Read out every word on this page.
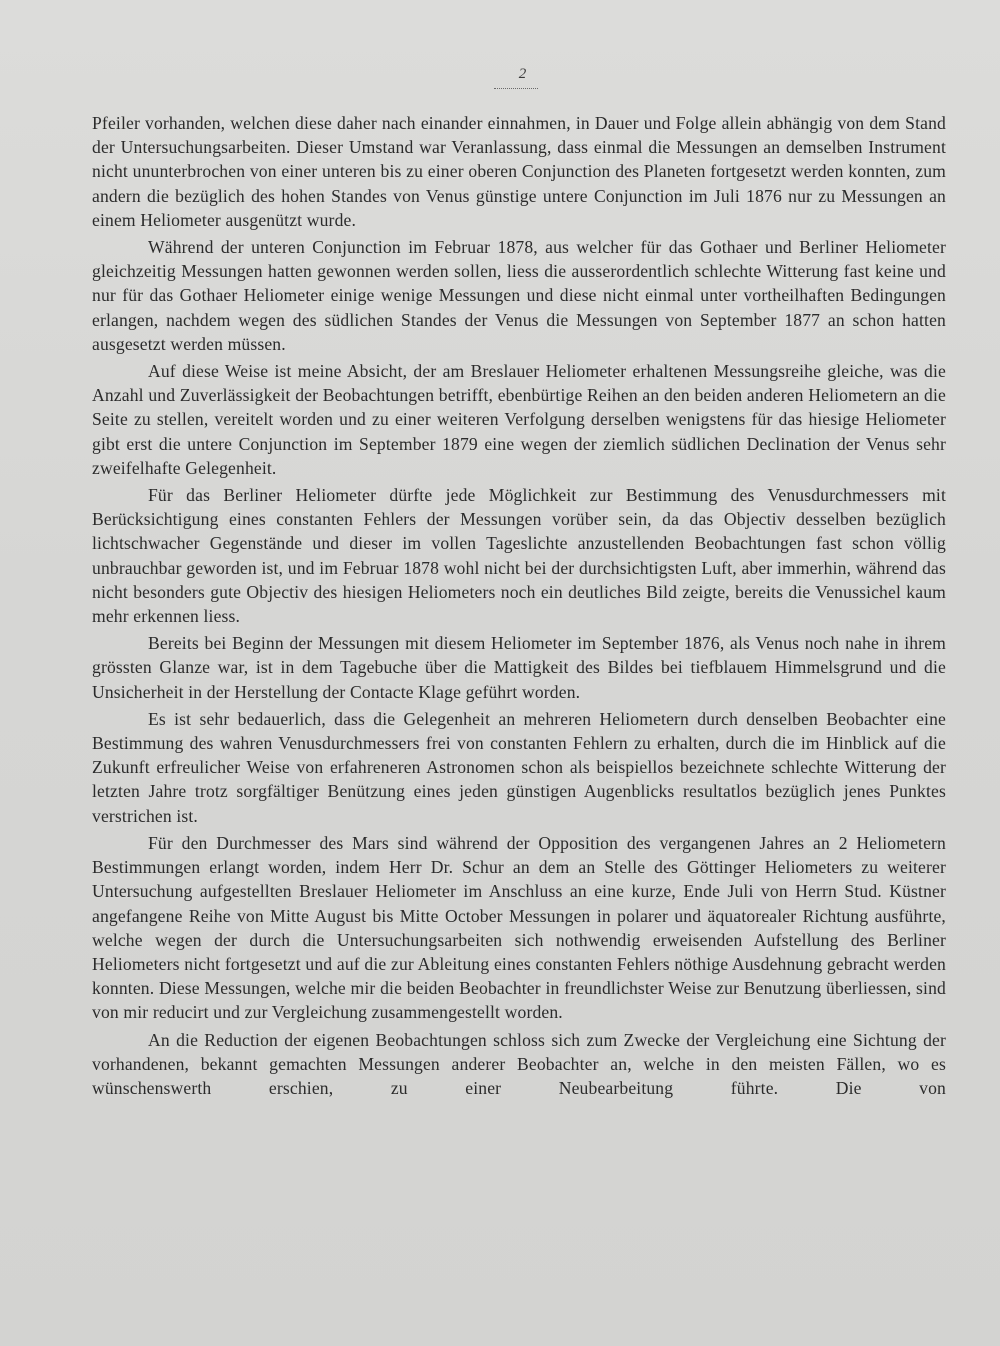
2

Pfeiler vorhanden, welchen diese daher nach einander einnahmen, in Dauer und Folge allein abhängig von dem Stand der Untersuchungsarbeiten. Dieser Umstand war Veranlassung, dass einmal die Messungen an demselben Instrument nicht ununterbrochen von einer unteren bis zu einer oberen Conjunction des Planeten fortgesetzt werden konnten, zum andern die bezüglich des hohen Standes von Venus günstige untere Conjunction im Juli 1876 nur zu Messungen an einem Heliometer ausgenützt wurde.

Während der unteren Conjunction im Februar 1878, aus welcher für das Gothaer und Berliner Heliometer gleichzeitig Messungen hatten gewonnen werden sollen, liess die ausserordentlich schlechte Witterung fast keine und nur für das Gothaer Heliometer einige wenige Messungen und diese nicht einmal unter vortheilhaften Bedingungen erlangen, nachdem wegen des südlichen Standes der Venus die Messungen von September 1877 an schon hatten ausgesetzt werden müssen.

Auf diese Weise ist meine Absicht, der am Breslauer Heliometer erhaltenen Messungsreihe gleiche, was die Anzahl und Zuverlässigkeit der Beobachtungen betrifft, ebenbürtige Reihen an den beiden anderen Heliometern an die Seite zu stellen, vereitelt worden und zu einer weiteren Verfolgung derselben wenigstens für das hiesige Heliometer gibt erst die untere Conjunction im September 1879 eine wegen der ziemlich südlichen Declination der Venus sehr zweifelhafte Gelegenheit.

Für das Berliner Heliometer dürfte jede Möglichkeit zur Bestimmung des Venusdurchmessers mit Berücksichtigung eines constanten Fehlers der Messungen vorüber sein, da das Objectiv desselben bezüglich lichtschwacher Gegenstände und dieser im vollen Tageslichte anzustellenden Beobachtungen fast schon völlig unbrauchbar geworden ist, und im Februar 1878 wohl nicht bei der durchsichtigsten Luft, aber immerhin, während das nicht besonders gute Objectiv des hiesigen Heliometers noch ein deutliches Bild zeigte, bereits die Venussichel kaum mehr erkennen liess.

Bereits bei Beginn der Messungen mit diesem Heliometer im September 1876, als Venus noch nahe in ihrem grössten Glanze war, ist in dem Tagebuche über die Mattigkeit des Bildes bei tiefblauem Himmelsgrund und die Unsicherheit in der Herstellung der Contacte Klage geführt worden.

Es ist sehr bedauerlich, dass die Gelegenheit an mehreren Heliometern durch denselben Beobachter eine Bestimmung des wahren Venusdurchmessers frei von constanten Fehlern zu erhalten, durch die im Hinblick auf die Zukunft erfreulicher Weise von erfahreneren Astronomen schon als beispiellos bezeichnete schlechte Witterung der letzten Jahre trotz sorgfältiger Benützung eines jeden günstigen Augenblicks resultatlos bezüglich jenes Punktes verstrichen ist.

Für den Durchmesser des Mars sind während der Opposition des vergangenen Jahres an 2 Heliometern Bestimmungen erlangt worden, indem Herr Dr. Schur an dem an Stelle des Göttinger Heliometers zu weiterer Untersuchung aufgestellten Breslauer Heliometer im Anschluss an eine kurze, Ende Juli von Herrn Stud. Küstner angefangene Reihe von Mitte August bis Mitte October Messungen in polarer und äquatorealer Richtung ausführte, welche wegen der durch die Untersuchungsarbeiten sich nothwendig erweisenden Aufstellung des Berliner Heliometers nicht fortgesetzt und auf die zur Ableitung eines constanten Fehlers nöthige Ausdehnung gebracht werden konnten. Diese Messungen, welche mir die beiden Beobachter in freundlichster Weise zur Benutzung überliessen, sind von mir reducirt und zur Vergleichung zusammengestellt worden.

An die Reduction der eigenen Beobachtungen schloss sich zum Zwecke der Vergleichung eine Sichtung der vorhandenen, bekannt gemachten Messungen anderer Beobachter an, welche in den meisten Fällen, wo es wünschenswerth erschien, zu einer Neubearbeitung führte. Die von
